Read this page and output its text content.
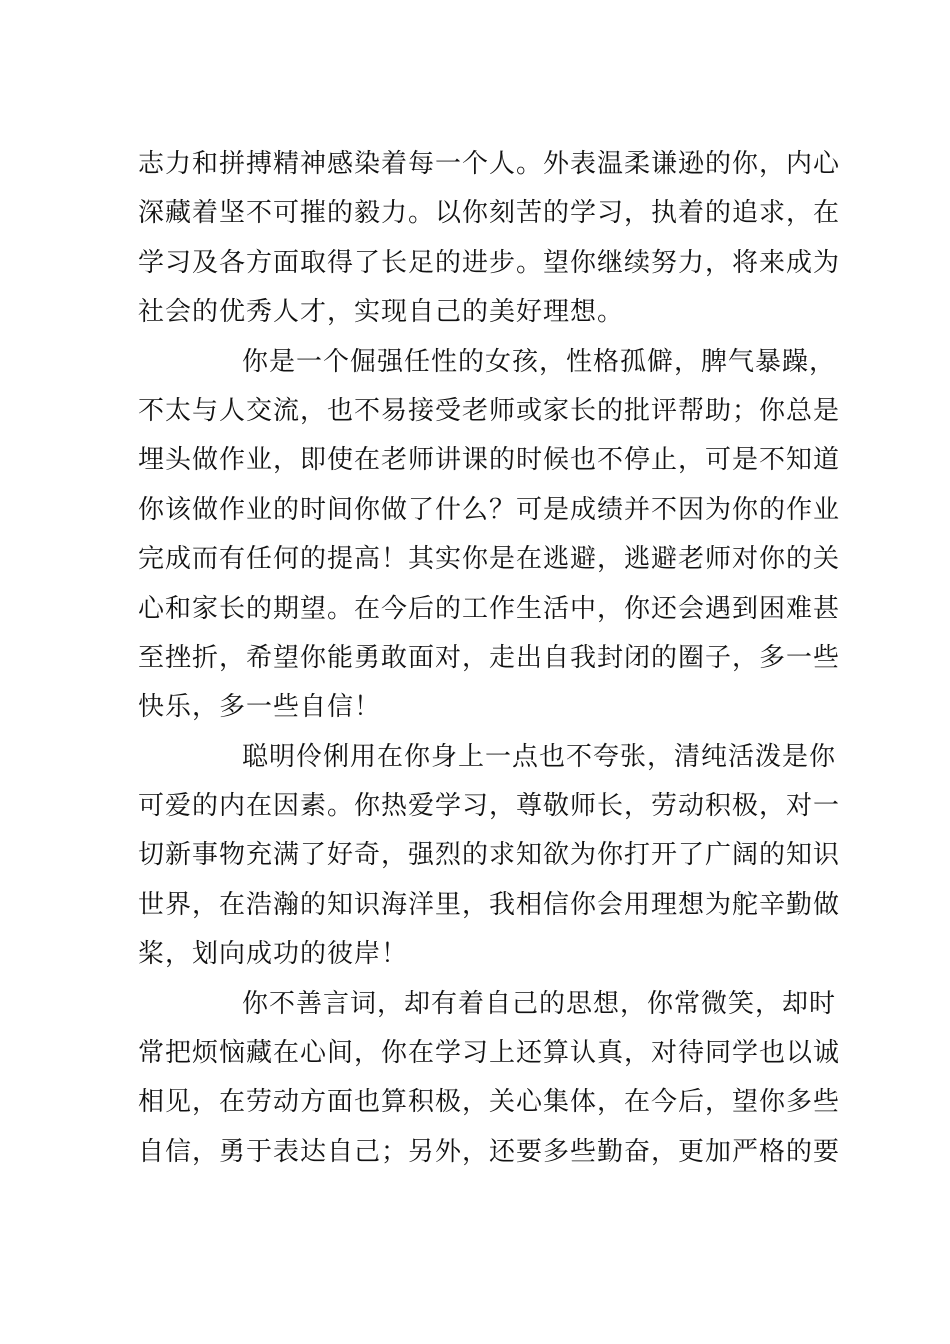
志力和拼搏精神感染着每一个人。外表温柔谦逊的你，内心
深藏着坚不可摧的毅力。以你刻苦的学习，执着的追求，在
学习及各方面取得了长足的进步。望你继续努力，将来成为
社会的优秀人才，实现自己的美好理想。
你是一个倔强任性的女孩，性格孤僻，脾气暴躁，
不太与人交流，也不易接受老师或家长的批评帮助；你总是
埋头做作业，即使在老师讲课的时候也不停止，可是不知道
你该做作业的时间你做了什么？可是成绩并不因为你的作业
完成而有任何的提高！其实你是在逃避，逃避老师对你的关
心和家长的期望。在今后的工作生活中，你还会遇到困难甚
至挫折，希望你能勇敢面对，走出自我封闭的圈子，多一些
快乐，多一些自信！
聪明伶俐用在你身上一点也不夸张，清纯活泼是你
可爱的内在因素。你热爱学习，尊敬师长，劳动积极，对一
切新事物充满了好奇，强烈的求知欲为你打开了广阔的知识
世界，在浩瀚的知识海洋里，我相信你会用理想为舵辛勤做
桨，划向成功的彼岸！
你不善言词，却有着自己的思想，你常微笑，却时
常把烦恼藏在心间，你在学习上还算认真，对待同学也以诚
相见，在劳动方面也算积极，关心集体，在今后，望你多些
自信，勇于表达自己；另外，还要多些勤奋，更加严格的要
